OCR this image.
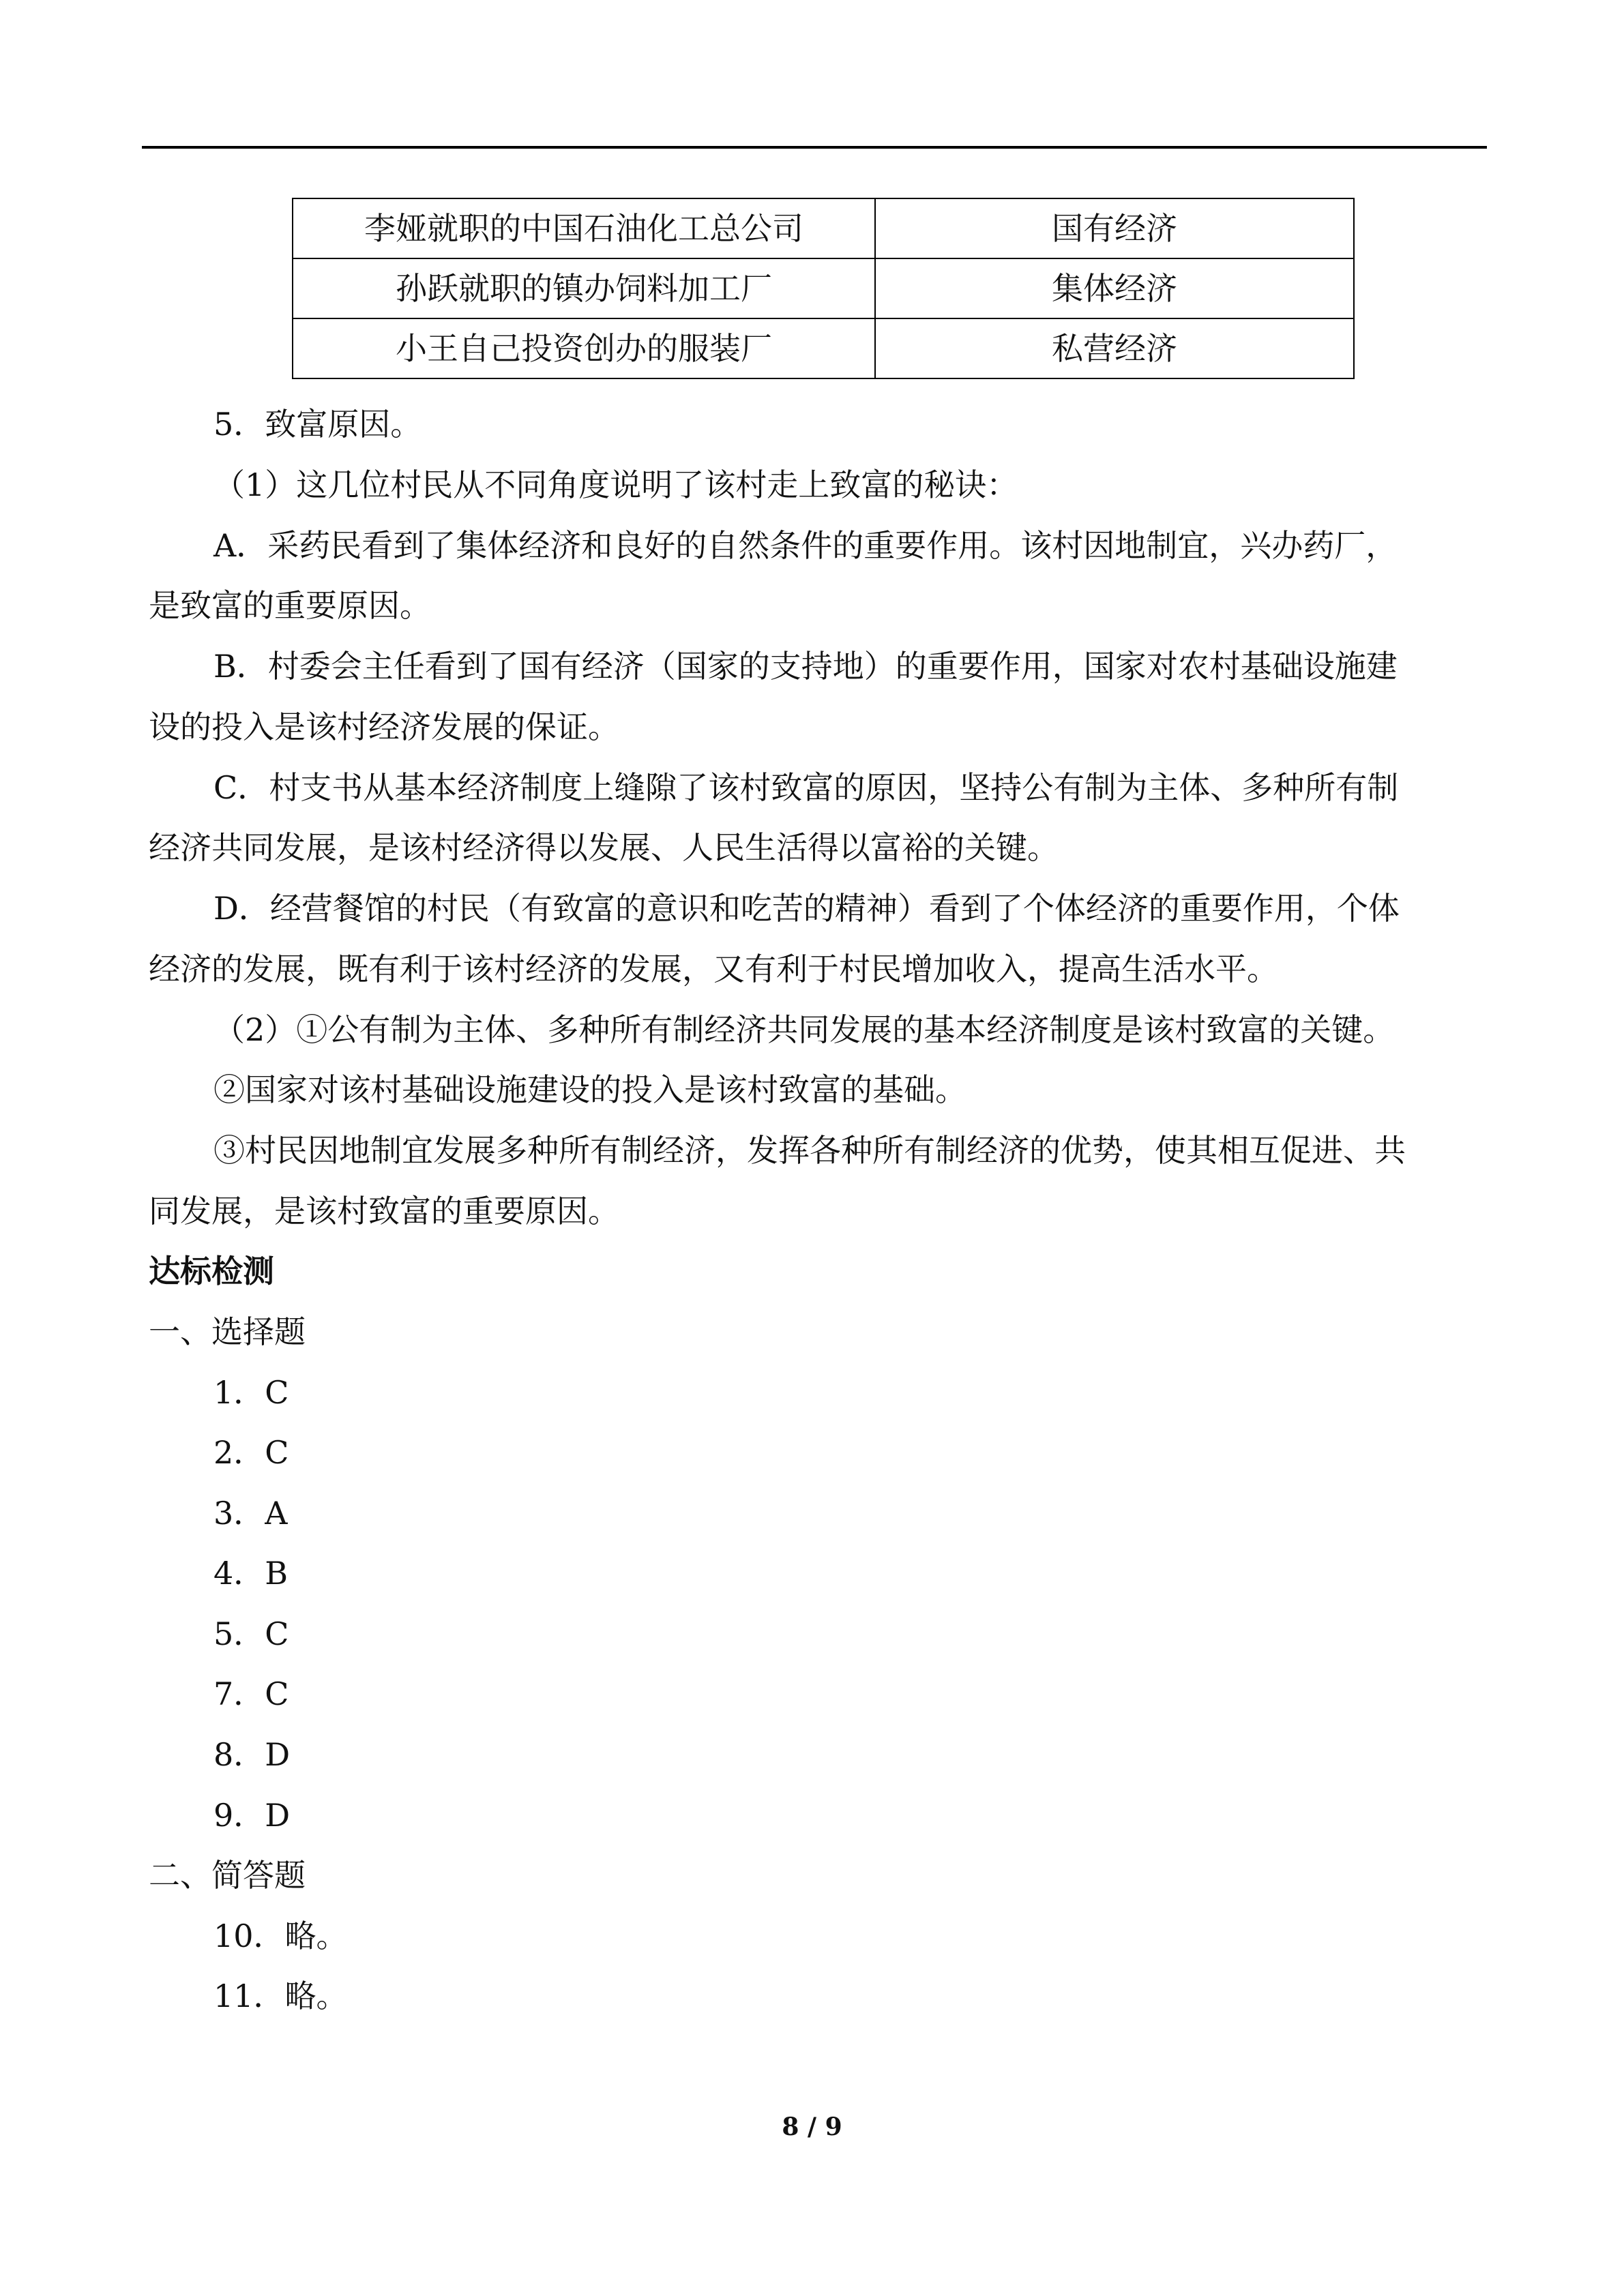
李娅就职的中国石油化工总公司	国有经济
孙跃就职的镇办饲料加工厂	集体经济
小王自己投资创办的服装厂	私营经济
5．致富原因。
（1）这几位村民从不同角度说明了该村走上致富的秘诀：
A．采药民看到了集体经济和良好的自然条件的重要作用。该村因地制宜，兴办药厂，
是致富的重要原因。
B．村委会主任看到了国有经济（国家的支持地）的重要作用，国家对农村基础设施建
设的投入是该村经济发展的保证。
C．村支书从基本经济制度上缝隙了该村致富的原因，坚持公有制为主体、多种所有制
经济共同发展，是该村经济得以发展、人民生活得以富裕的关键。
D．经营餐馆的村民（有致富的意识和吃苦的精神）看到了个体经济的重要作用，个体
经济的发展，既有利于该村经济的发展，又有利于村民增加收入，提高生活水平。
（2）①公有制为主体、多种所有制经济共同发展的基本经济制度是该村致富的关键。
②国家对该村基础设施建设的投入是该村致富的基础。
③村民因地制宜发展多种所有制经济，发挥各种所有制经济的优势，使其相互促进、共
同发展，是该村致富的重要原因。
达标检测
一、选择题
1．C
2．C
3．A
4．B
5．C
7．C
8．D
9．D
二、简答题
10．略。
11．略。
8 / 9
